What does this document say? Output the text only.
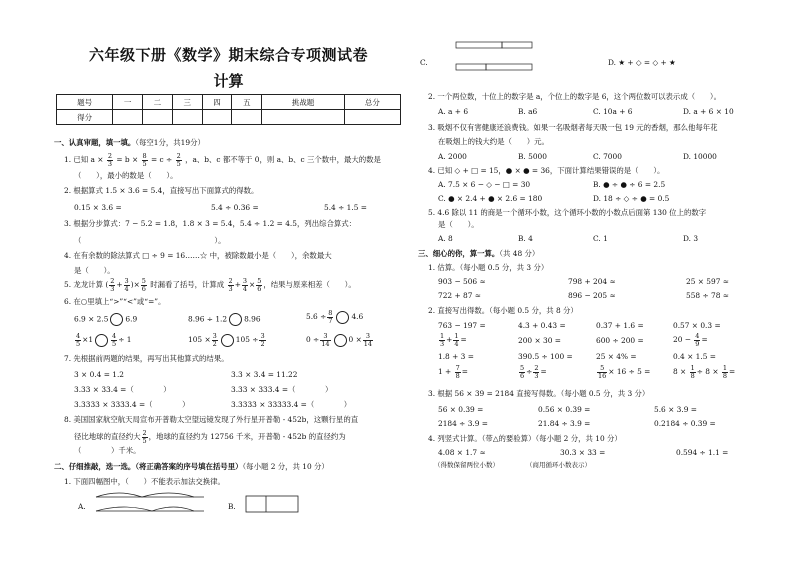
六年级下册《数学》期末综合专项测试卷
计算
题号	一	二	三	四	五	挑战题	总分
得分							
一、认真审题，填一填。（每空1分，共19分）
1. 已知 $a \times \frac{2}{3} = b \times \frac{8}{5} = c \div \frac{2}{5}$ ，a、b、c 都不等于 0，则 a、b、c 三个数中，最大的数是
（　　），最小的数是（　　）。
2. 根据算式 1.5 × 3.6 = 5.4，直接写出下面算式的得数。
0.15 × 3.6 =	5.4 ÷ 0.36 =	5.4 ÷ 1.5 =
3. 根据分步算式：7 − 5.2 = 1.8，1.8 × 3 = 5.4，5.4 ÷ 1.2 = 4.5，列出综合算式：
（　　　　　　　　　　　　　　　　　　）。
4. 在有余数的除法算式 □ ÷ 9 = 16……☆ 中，被除数最小是（　　），余数最大
是（　　）。
5. 龙龙计算 ( $\frac{2}{3} + \frac{3}{4}$ )× $\frac{5}{6}$ 时漏看了括号，计算成 $\frac{2}{3} + \frac{3}{4} \times \frac{5}{6}$ ，结果与原来相差（　　）。
6. 在○里填上“>”“<”或“=”。
6.9 × 2.5 6.9	8.96 ÷ 1.2 8.96	$5.6 \div \frac{8}{7} 4.6$
$\frac{4}{5} \times 1$	$\frac{4}{5} \div 1$	$105 \times \frac{3}{2} 105 \div \frac{3}{2}$	$0 \div \frac{3}{14} 0 \times \frac{3}{14}$
7. 先根据前两题的结果，再写出其他算式的结果。
3 × 0.4 = 1.2	3.3 × 3.4 = 11.22
3.33 × 33.4 =（　　　　）	3.33 × 333.4 =（　　　　）
3.3333 × 3333.4 =（　　　　）	3.3333 × 33333.4 =（　　　　）
8. 美国国家航空航天局宣布开普勒太空望远镜发现了外行星开普勒 - 452b，这颗行星的直
径比地球的直径约大 $\frac{2}{5}$ ，地球的直径约为 12756 千米，开普勒 - 452b 的直径约为
（　　　　）千米。
二、仔细推敲，选一选。（将正确答案的序号填在括号里）（每小题 2 分，共 10 分）
1. 下面四幅图中，（　　）不能表示加法交换律。
A.	B.
C.	D. ★ + ◇ = ◇ + ★
2. 一个两位数，十位上的数字是 a，个位上的数字是 6，这个两位数可以表示成（　　）。
A. a + 6	B. a6	C. 10a + 6	D. a + 6 × 10
3. 吸烟不仅有害健康还浪费钱。如果一名吸烟者每天吸一包 19 元的香烟，那么他每年花
在吸烟上的钱大约是（　　）元。
A. 2000	B. 5000	C. 7000	D. 10000
4. 已知 ◇ + □ = 15，● × ● = 36，下面计算结果错误的是（　　）。
A. 7.5 × 6 − ◇ − □ = 30	B. ● ÷ ● ÷ 6 = 2.5
C. ● × 2.4 + ● × 2.6 = 180	D. 18 ÷ ◇ ÷ ● = 0.5
5. 4.6 除以 11 的商是一个循环小数，这个循环小数的小数点后面第 130 位上的数字
是（　　）。
A. 8	B. 4	C. 1	D. 3
三、细心的你，算一算。（共 48 分）
1. 估算。（每小题 0.5 分，共 3 分）
903 − 506 ≈	798 + 204 ≈	25 × 597 ≈
722 + 87 ≈	896 − 205 ≈	558 ÷ 78 ≈
2. 直接写出得数。（每小题 0.5 分，共 8 分）
763 − 197 =	4.3 + 0.43 =	0.37 + 1.6 =	0.57 × 0.3 =
$\frac{1}{3} + \frac{1}{4}$ =	200 × 30 =	600 ÷ 200 =	$20 - \frac{4}{9}$ =
1.8 + 3 =	390.5 ÷ 100 =	25 × 4% =	0.4 × 1.5 =
$1 + \frac{7}{8}$ =	$\frac{5}{6} \div \frac{2}{3}$ =	$\frac{5}{16} \times 16 \div 5$ =	$8 \times \frac{1}{8} \div 8 \times \frac{1}{8}$ =
3. 根据 56 × 39 = 2184 直接写得数。（每小题 0.5 分，共 3 分）
56 × 0.39 =	0.56 × 0.39 =	5.6 × 3.9 =
2184 ÷ 3.9 =	21.84 ÷ 3.9 =	0.2184 ÷ 0.39 =
4. 列竖式计算。（带△的要验算）（每小题 2 分，共 10 分）
4.08 × 1.7 ≈	30.3 × 33 =	0.594 ÷ 1.1 =
（得数保留两位小数）	（商用循环小数表示）
